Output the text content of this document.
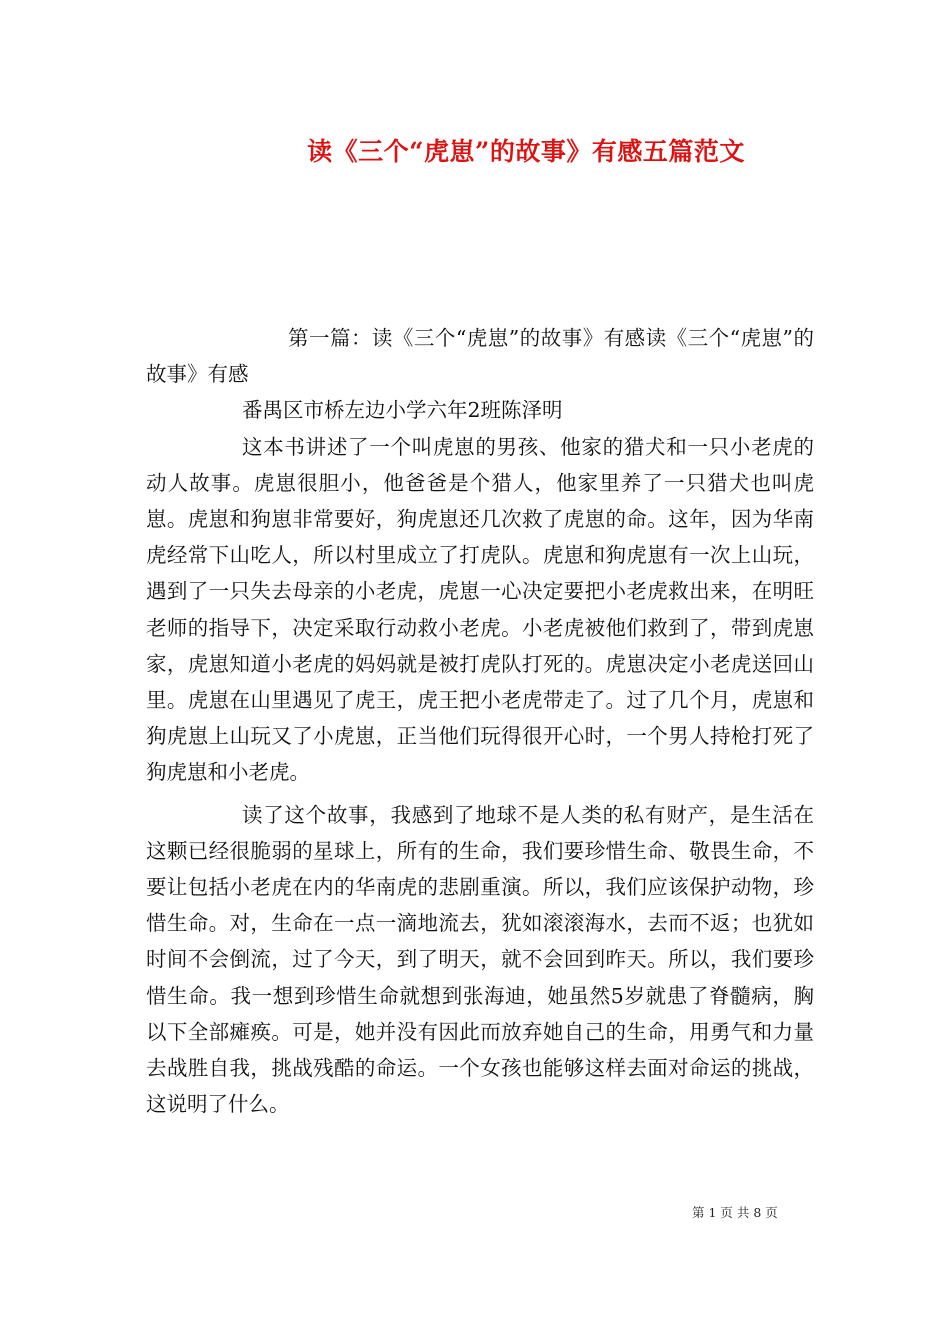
读《三个“虎崽”的故事》有感五篇范文

第一篇：读《三个“虎崽”的故事》有感读《三个“虎崽”的故事》有感

番禺区市桥左边小学六年2班陈泽明

这本书讲述了一个叫虎崽的男孩、他家的猎犬和一只小老虎的动人故事。虎崽很胆小，他爸爸是个猎人，他家里养了一只猎犬也叫虎崽。虎崽和狗崽非常要好，狗虎崽还几次救了虎崽的命。这年，因为华南虎经常下山吃人，所以村里成立了打虎队。虎崽和狗虎崽有一次上山玩，遇到了一只失去母亲的小老虎，虎崽一心决定要把小老虎救出来，在明旺老师的指导下，决定采取行动救小老虎。小老虎被他们救到了，带到虎崽家，虎崽知道小老虎的妈妈就是被打虎队打死的。虎崽决定小老虎送回山里。虎崽在山里遇见了虎王，虎王把小老虎带走了。过了几个月，虎崽和狗虎崽上山玩又了小虎崽，正当他们玩得很开心时，一个男人持枪打死了狗虎崽和小老虎。

读了这个故事，我感到了地球不是人类的私有财产，是生活在这颗已经很脆弱的星球上，所有的生命，我们要珍惜生命、敬畏生命，不要让包括小老虎在内的华南虎的悲剧重演。所以，我们应该保护动物，珍惜生命。对，生命在一点一滴地流去，犹如滚滚海水，去而不返；也犹如时间不会倒流，过了今天，到了明天，就不会回到昨天。所以，我们要珍惜生命。我一想到珍惜生命就想到张海迪，她虽然5岁就患了脊髓病，胸以下全部瘫痪。可是，她并没有因此而放弃她自己的生命，用勇气和力量去战胜自我，挑战残酷的命运。一个女孩也能够这样去面对命运的挑战，这说明了什么。

第 1 页 共 8 页
